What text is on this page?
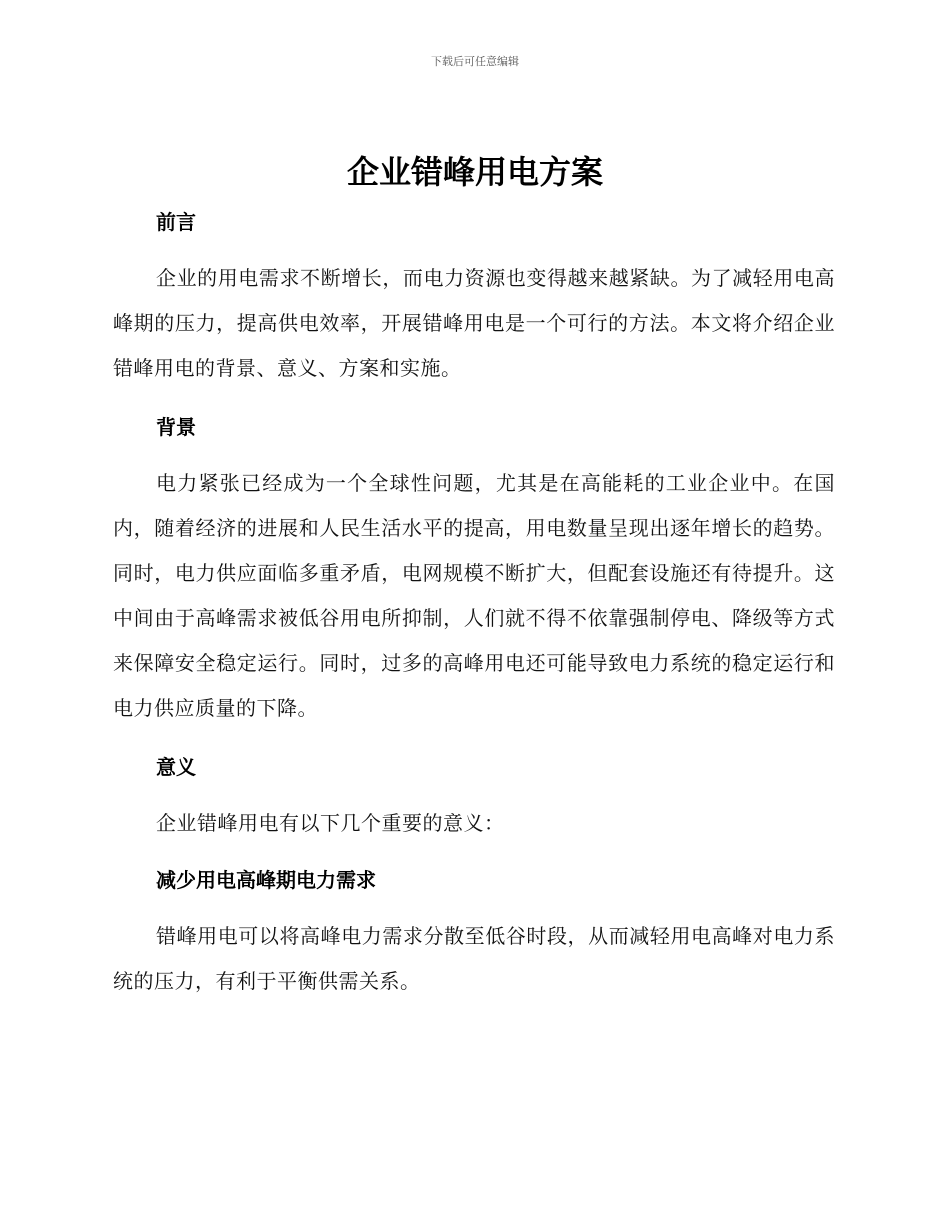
下载后可任意编辑
企业错峰用电方案
前言

企业的用电需求不断增长，而电力资源也变得越来越紧缺。为了减轻用电高峰期的压力，提高供电效率，开展错峰用电是一个可行的方法。本文将介绍企业错峰用电的背景、意义、方案和实施。

背景

电力紧张已经成为一个全球性问题，尤其是在高能耗的工业企业中。在国内，随着经济的进展和人民生活水平的提高，用电数量呈现出逐年增长的趋势。同时，电力供应面临多重矛盾，电网规模不断扩大，但配套设施还有待提升。这中间由于高峰需求被低谷用电所抑制，人们就不得不依靠强制停电、降级等方式来保障安全稳定运行。同时，过多的高峰用电还可能导致电力系统的稳定运行和电力供应质量的下降。

意义

企业错峰用电有以下几个重要的意义：

减少用电高峰期电力需求

错峰用电可以将高峰电力需求分散至低谷时段，从而减轻用电高峰对电力系统的压力，有利于平衡供需关系。
